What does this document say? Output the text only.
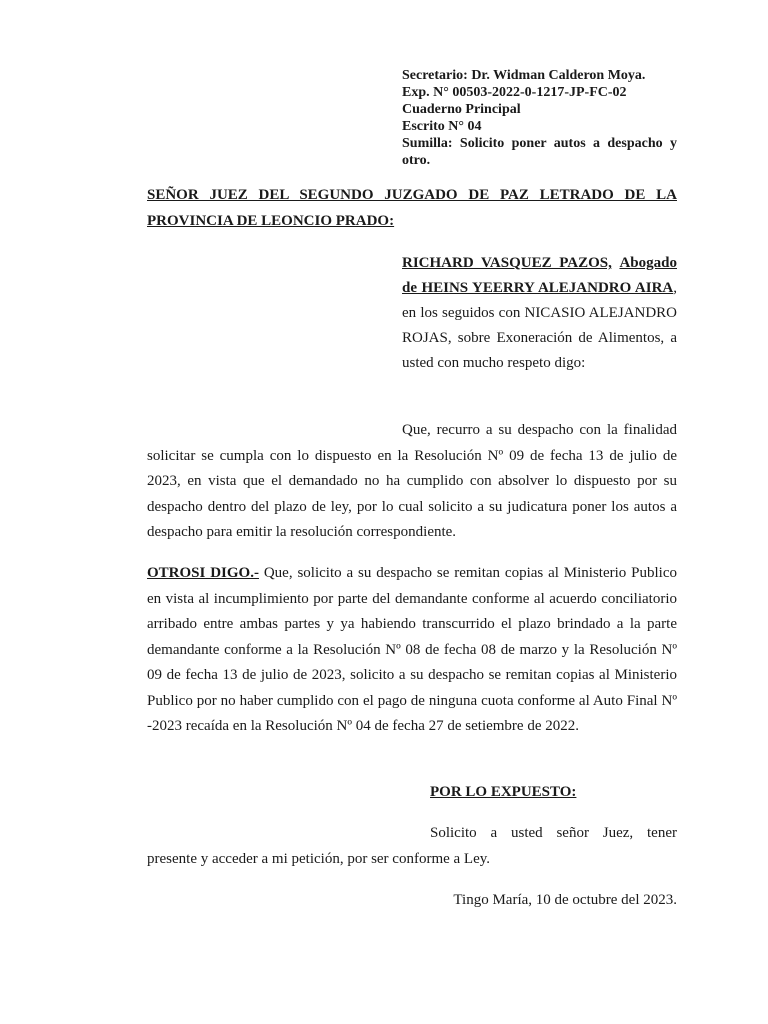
Secretario: Dr. Widman Calderon Moya.
Exp. N° 00503-2022-0-1217-JP-FC-02
Cuaderno Principal
Escrito N° 04
Sumilla: Solicito poner autos a despacho y otro.
SEÑOR JUEZ DEL SEGUNDO JUZGADO DE PAZ LETRADO DE LA PROVINCIA DE LEONCIO PRADO:
RICHARD VASQUEZ PAZOS, Abogado de HEINS YEERRY ALEJANDRO AIRA, en los seguidos con NICASIO ALEJANDRO ROJAS, sobre Exoneración de Alimentos, a usted con mucho respeto digo:
Que, recurro a su despacho con la finalidad solicitar se cumpla con lo dispuesto en la Resolución Nº 09 de fecha 13 de julio de 2023, en vista que el demandado no ha cumplido con absolver lo dispuesto por su despacho dentro del plazo de ley, por lo cual solicito a su judicatura poner los autos a despacho para emitir la resolución correspondiente.
OTROSI DIGO.- Que, solicito a su despacho se remitan copias al Ministerio Publico en vista al incumplimiento por parte del demandante conforme al acuerdo conciliatorio arribado entre ambas partes y ya habiendo transcurrido el plazo brindado a la parte demandante conforme a la Resolución Nº 08 de fecha 08 de marzo y la Resolución Nº 09 de fecha 13 de julio de 2023, solicito a su despacho se remitan copias al Ministerio Publico por no haber cumplido con el pago de ninguna cuota conforme al Auto Final Nº -2023 recaída en la Resolución Nº 04 de fecha 27 de setiembre de 2022.
POR LO EXPUESTO:
Solicito a usted señor Juez, tener presente y acceder a mi petición, por ser conforme a Ley.
Tingo María, 10 de octubre del 2023.
